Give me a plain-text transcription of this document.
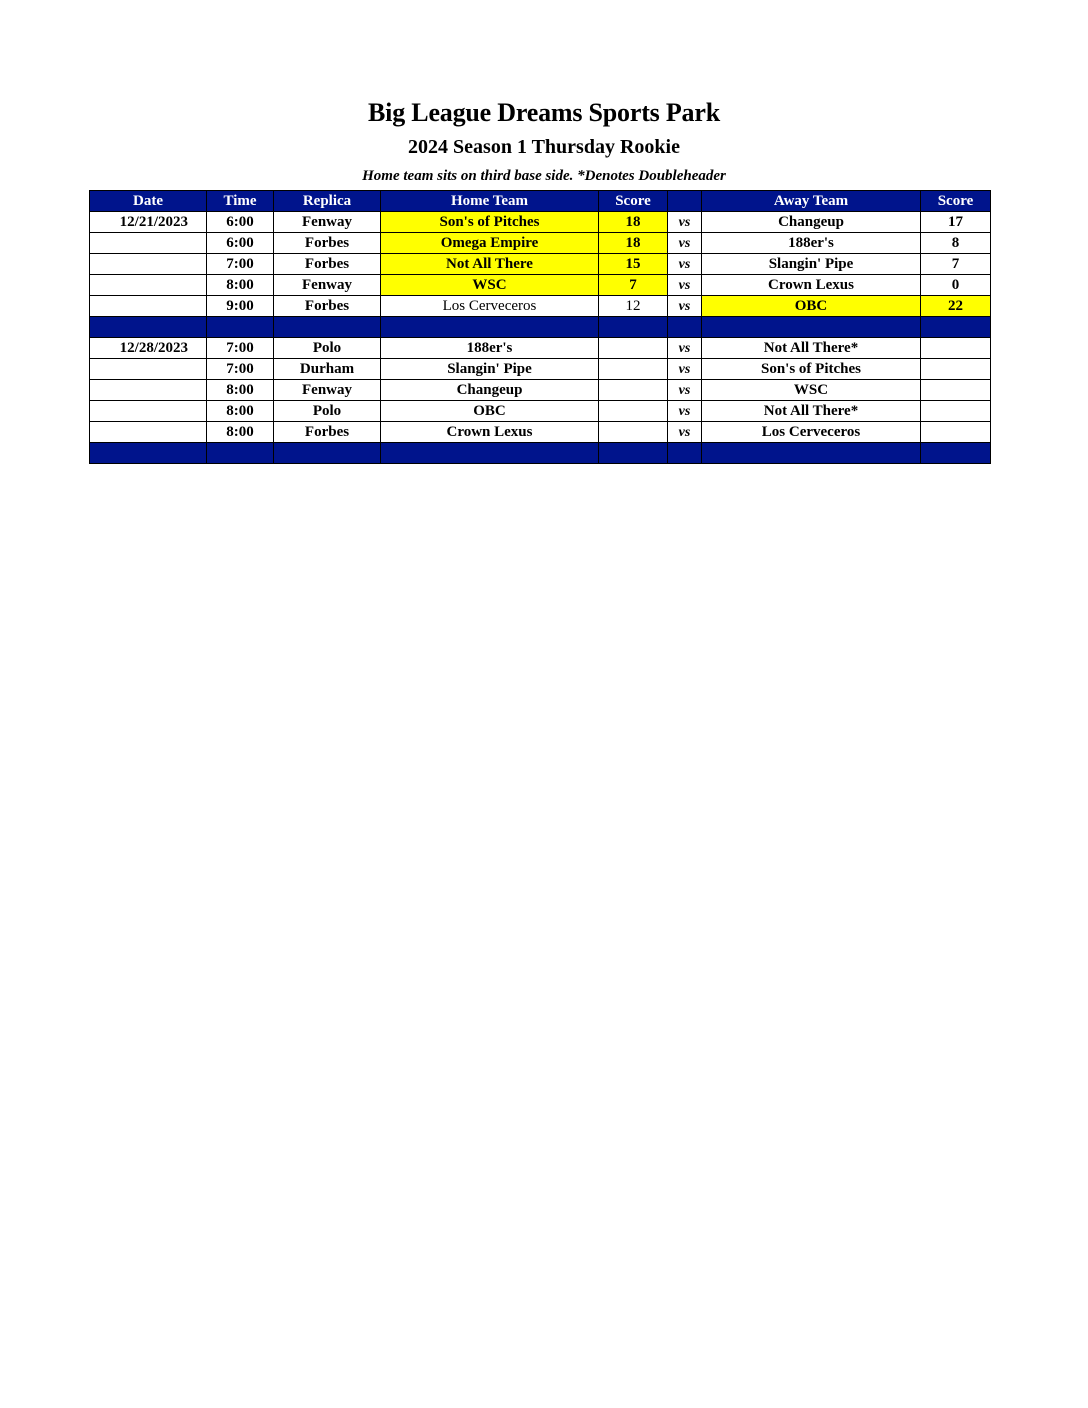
Big League Dreams Sports Park
2024 Season 1 Thursday Rookie
Home team sits on third base side. *Denotes Doubleheader
Date	Time	Replica	Home Team	Score		Away Team	Score
12/21/2023	6:00	Fenway	Son's of Pitches	18	vs	Changeup	17
	6:00	Forbes	Omega Empire	18	vs	188er's	8
	7:00	Forbes	Not All There	15	vs	Slangin' Pipe	7
	8:00	Fenway	WSC	7	vs	Crown Lexus	0
	9:00	Forbes	Los Cerveceros	12	vs	OBC	22

12/28/2023	7:00	Polo	188er's		vs	Not All There*	
	7:00	Durham	Slangin' Pipe		vs	Son's of Pitches	
	8:00	Fenway	Changeup		vs	WSC	
	8:00	Polo	OBC		vs	Not All There*	
	8:00	Forbes	Crown Lexus		vs	Los Cerveceros	
